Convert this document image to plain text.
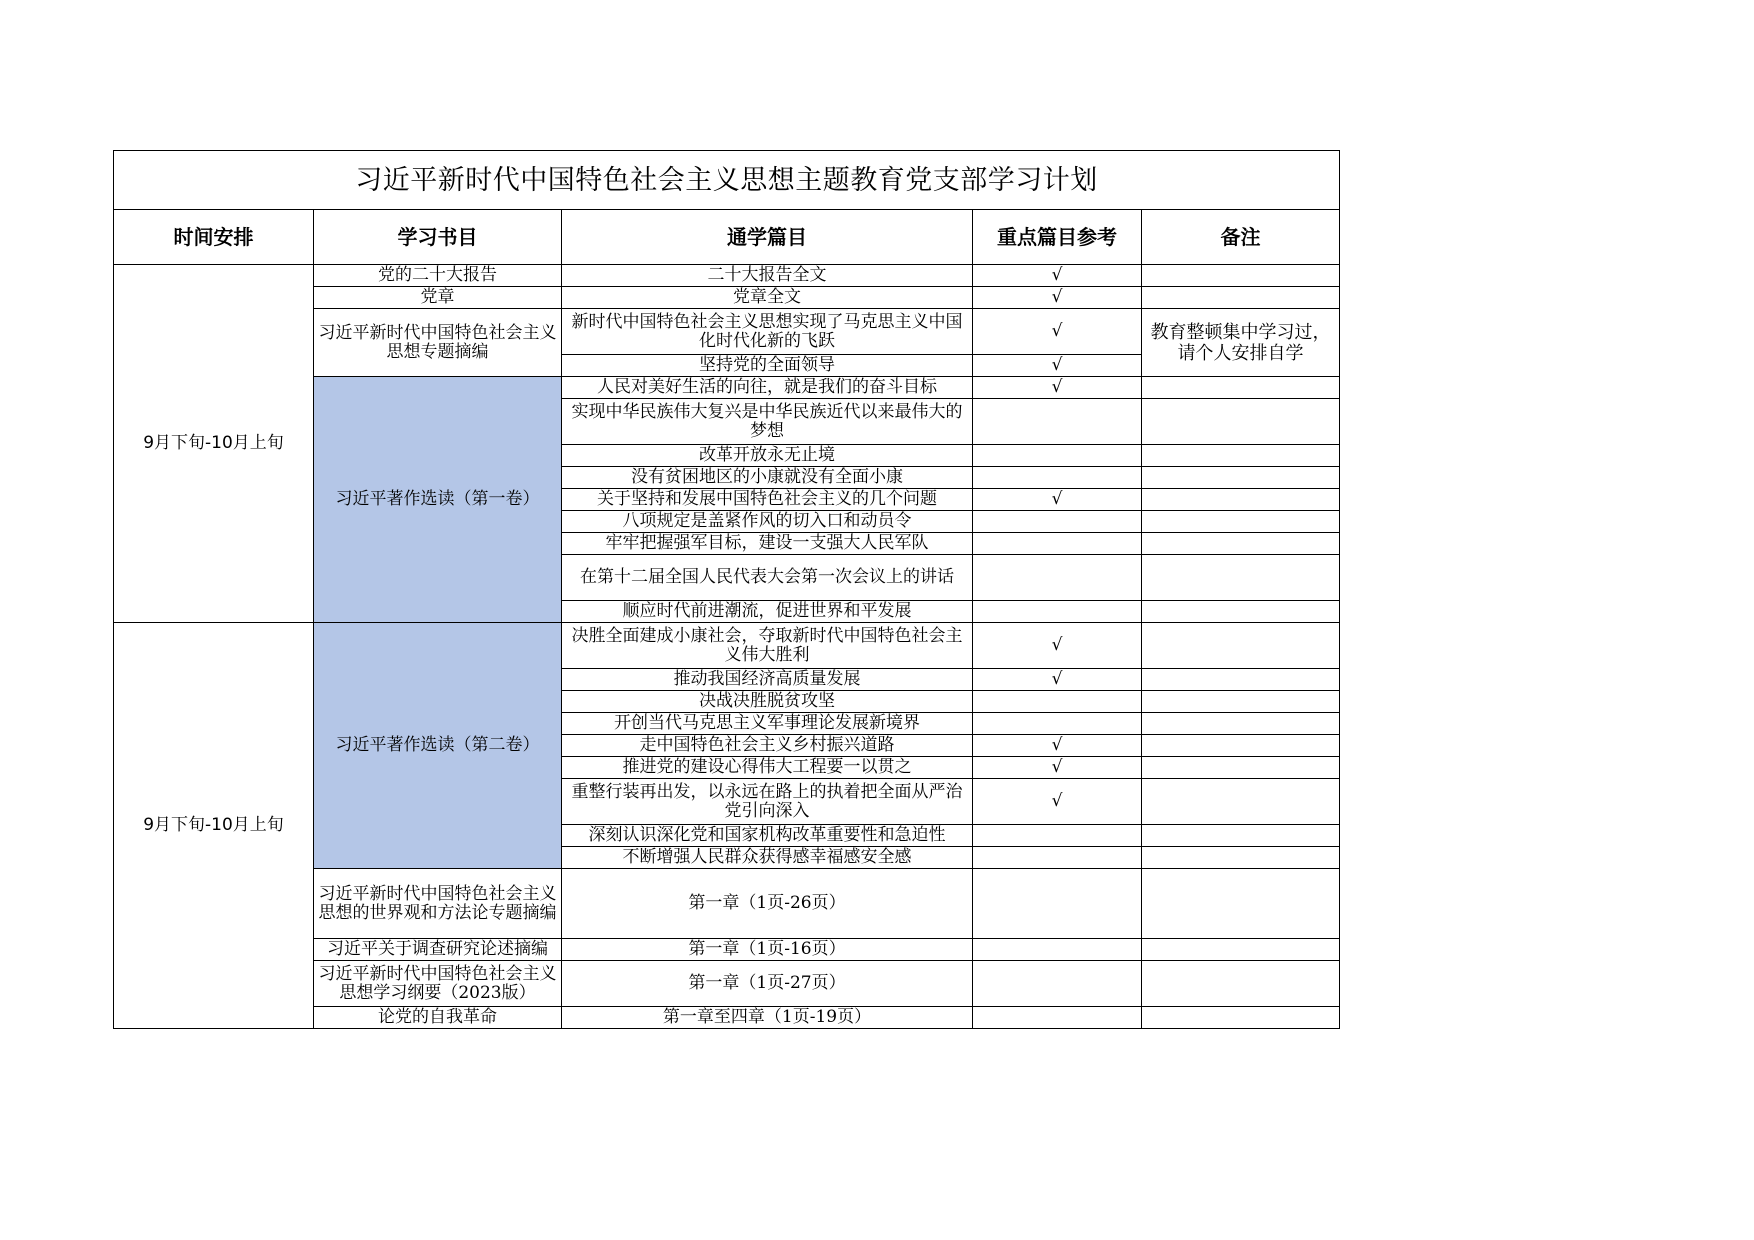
习近平新时代中国特色社会主义思想主题教育党支部学习计划				
时间安排	学习书目	通学篇目	重点篇目参考	备注
9月下旬-10月上旬	党的二十大报告	二十大报告全文	√	
	党章	党章全文	√	
	习近平新时代中国特色社会主义思想专题摘编	新时代中国特色社会主义思想实现了马克思主义中国化时代化新的飞跃	√	教育整顿集中学习过，请个人安排自学
		坚持党的全面领导	√	
	习近平著作选读（第一卷）	人民对美好生活的向往，就是我们的奋斗目标	√	
		实现中华民族伟大复兴是中华民族近代以来最伟大的梦想		
		改革开放永无止境		
		没有贫困地区的小康就没有全面小康		
		关于坚持和发展中国特色社会主义的几个问题	√	
		八项规定是盖紧作风的切入口和动员令		
		牢牢把握强军目标，建设一支强大人民军队		
		在第十二届全国人民代表大会第一次会议上的讲话		
		顺应时代前进潮流，促进世界和平发展		
9月下旬-10月上旬	习近平著作选读（第二卷）	决胜全面建成小康社会，夺取新时代中国特色社会主义伟大胜利	√	
		推动我国经济高质量发展	√	
		决战决胜脱贫攻坚		
		开创当代马克思主义军事理论发展新境界		
		走中国特色社会主义乡村振兴道路	√	
		推进党的建设心得伟大工程要一以贯之	√	
		重整行装再出发，以永远在路上的执着把全面从严治党引向深入	√	
		深刻认识深化党和国家机构改革重要性和急迫性		
		不断增强人民群众获得感幸福感安全感		
	习近平新时代中国特色社会主义思想的世界观和方法论专题摘编	第一章（1页-26页）		
	习近平关于调查研究论述摘编	第一章（1页-16页）		
	习近平新时代中国特色社会主义思想学习纲要（2023版）	第一章（1页-27页）		
	论党的自我革命	第一章至四章（1页-19页）		
